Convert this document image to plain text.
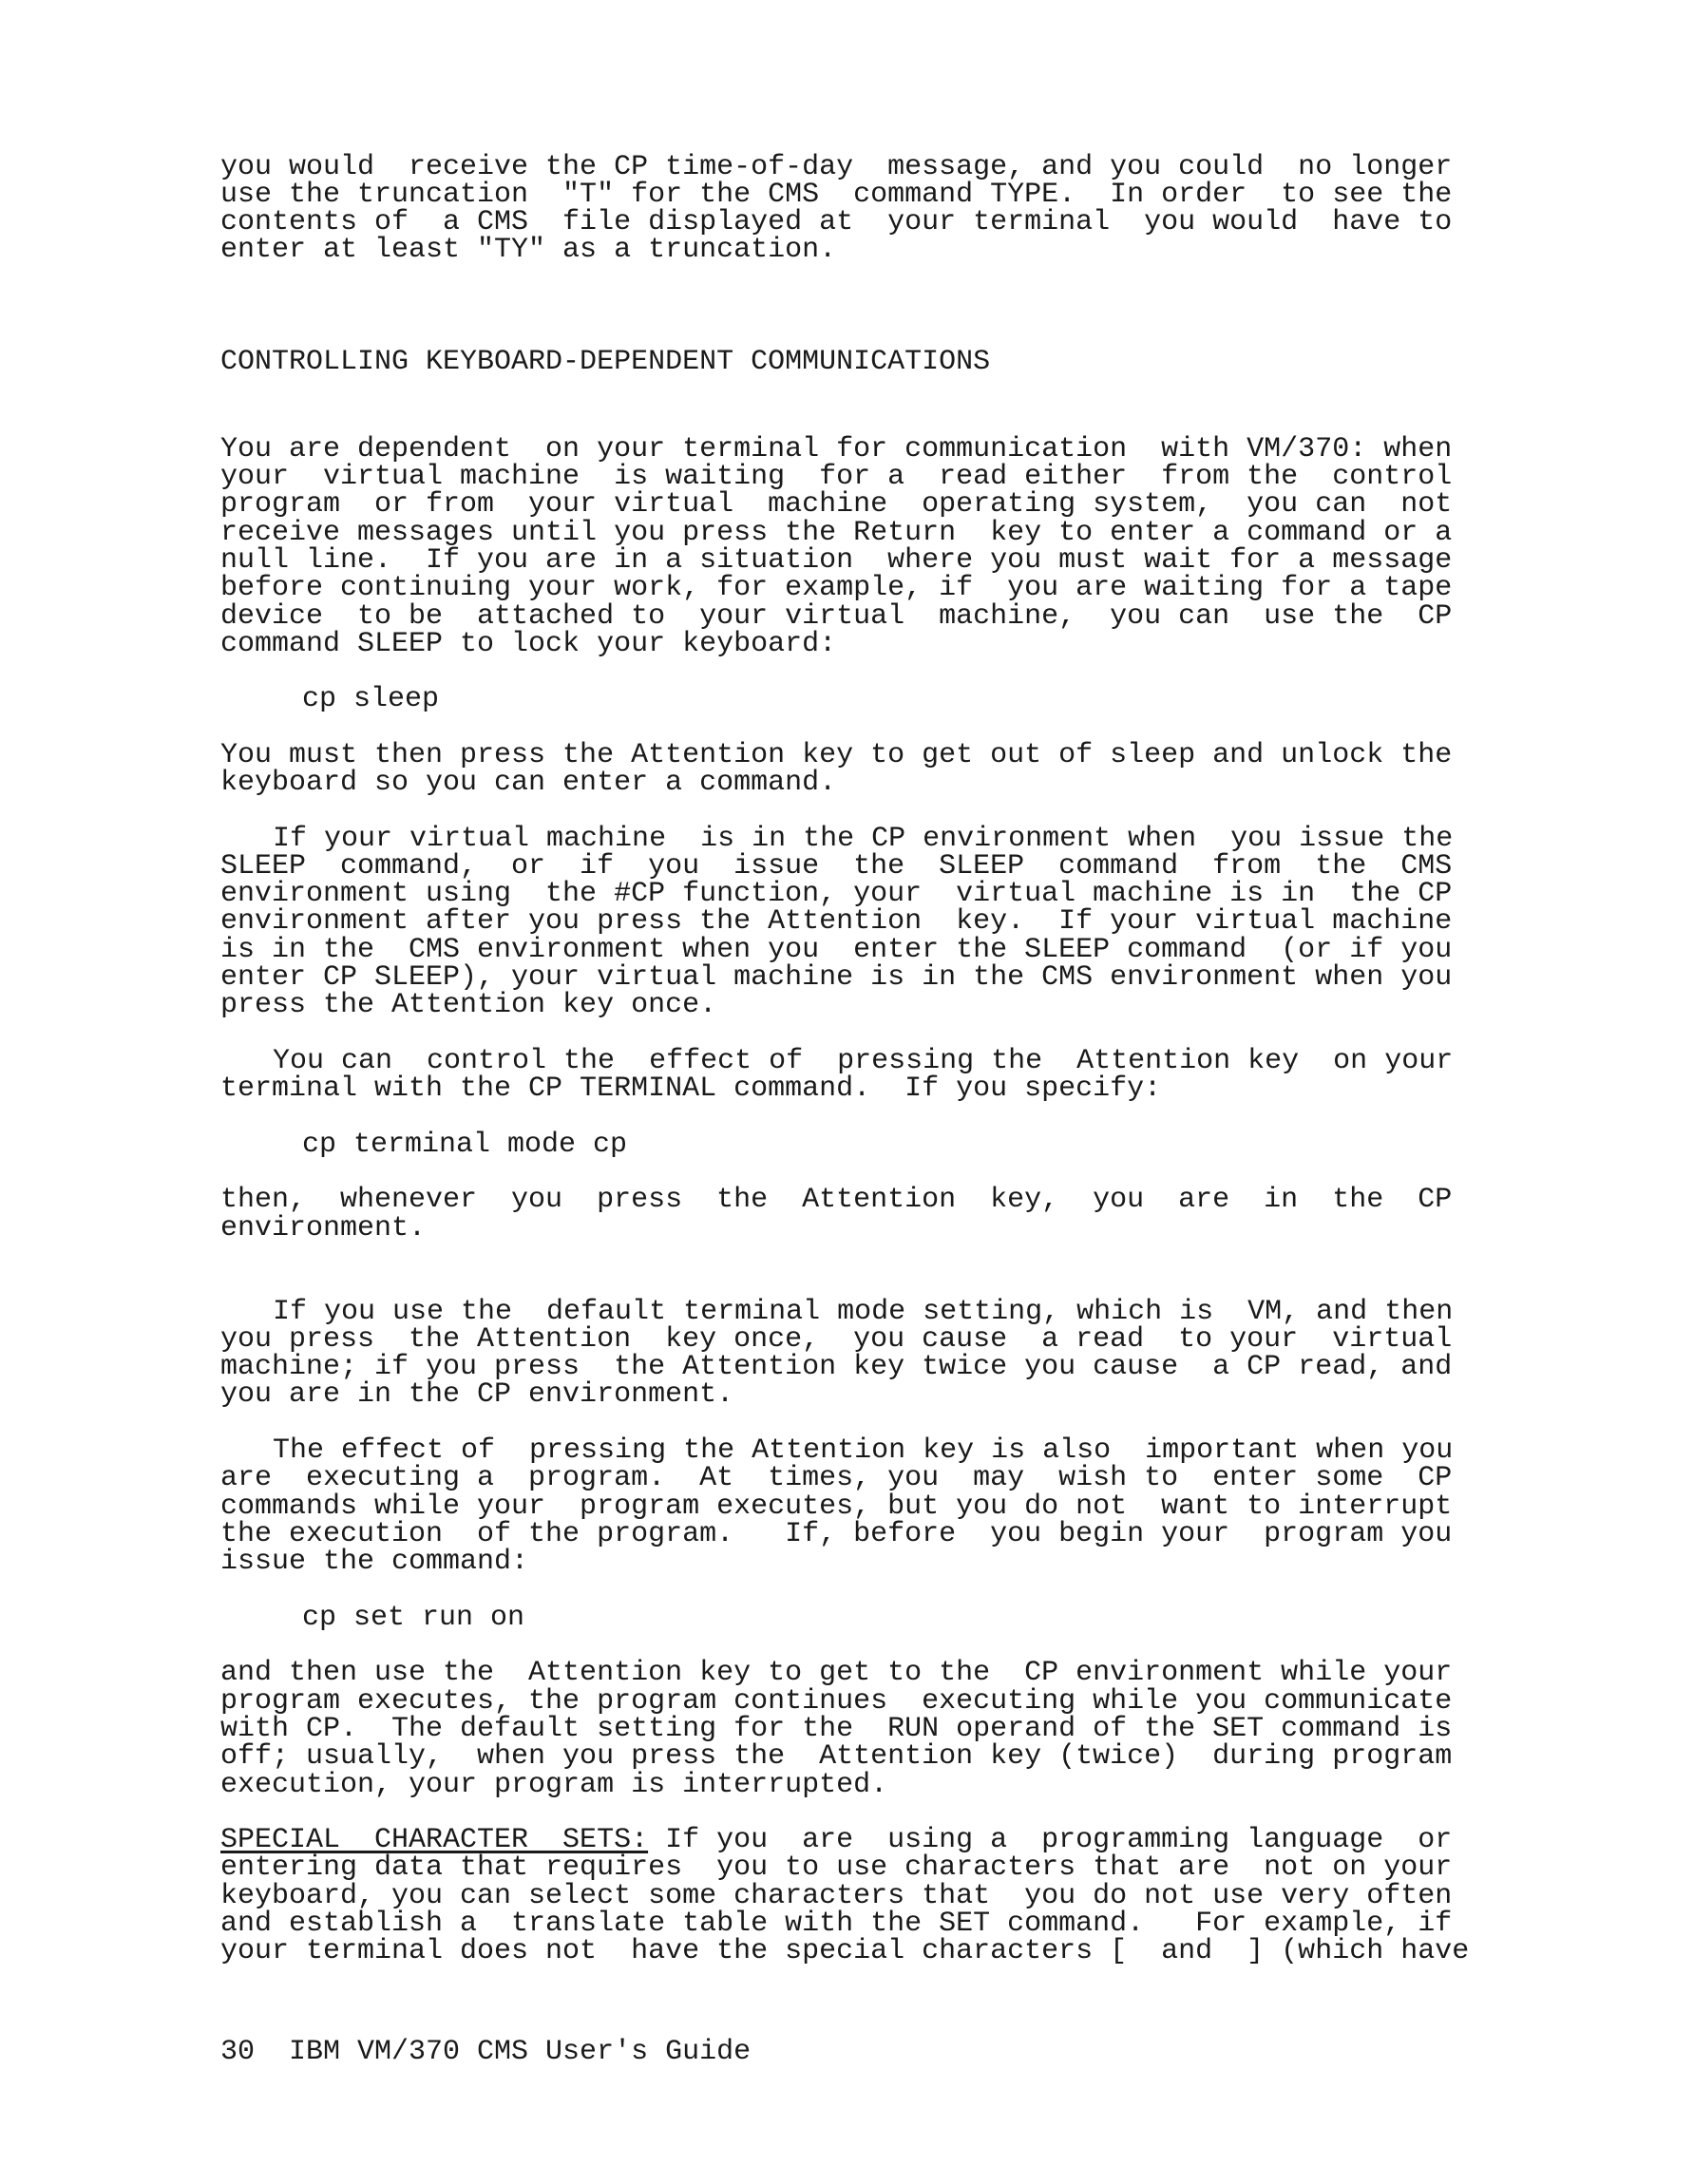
you would  receive the CP time-of-day  message, and you could  no longer
use the truncation  "T" for the CMS  command TYPE.  In order  to see the
contents of  a CMS  file displayed at  your terminal  you would  have to
enter at least "TY" as a truncation.
CONTROLLING KEYBOARD-DEPENDENT COMMUNICATIONS
You are dependent  on your terminal for communication  with VM/370: when
your  virtual machine  is waiting  for a  read either  from the  control
program  or from  your virtual  machine  operating system,  you can  not
receive messages until you press the Return  key to enter a command or a
null line.  If you are in a situation  where you must wait for a message
before continuing your work, for example, if  you are waiting for a tape
device  to be  attached to  your virtual  machine,  you can  use the  CP
command SLEEP to lock your keyboard:
cp sleep
You must then press the Attention key to get out of sleep and unlock the
keyboard so you can enter a command.
If your virtual machine  is in the CP environment when  you issue the
SLEEP  command,  or  if  you  issue  the  SLEEP  command  from  the  CMS
environment using  the #CP function, your  virtual machine is in  the CP
environment after you press the Attention  key.  If your virtual machine
is in the  CMS environment when you  enter the SLEEP command  (or if you
enter CP SLEEP), your virtual machine is in the CMS environment when you
press the Attention key once.
You can  control the  effect of  pressing the  Attention key  on your
terminal with the CP TERMINAL command.  If you specify:
cp terminal mode cp
then,  whenever  you  press  the  Attention  key,  you  are  in  the  CP
environment.
If you use the  default terminal mode setting, which is  VM, and then
you press  the Attention  key once,  you cause  a read  to your  virtual
machine; if you press  the Attention key twice you cause  a CP read, and
you are in the CP environment.
The effect of  pressing the Attention key is also  important when you
are  executing a  program.  At  times, you  may  wish to  enter some  CP
commands while your  program executes, but you do not  want to interrupt
the execution  of the program.   If, before  you begin your  program you
issue the command:
cp set run on
and then use the  Attention key to get to the  CP environment while your
program executes, the program continues  executing while you communicate
with CP.  The default setting for the  RUN operand of the SET command is
off; usually,  when you press the  Attention key (twice)  during program
execution, your program is interrupted.
SPECIAL  CHARACTER  SETS: If you  are  using a  programming language  or
entering data that requires  you to use characters that are  not on your
keyboard, you can select some characters that  you do not use very often
and establish a  translate table with the SET command.   For example, if
your terminal does not  have the special characters [  and  ] (which have
30  IBM VM/370 CMS User's Guide
